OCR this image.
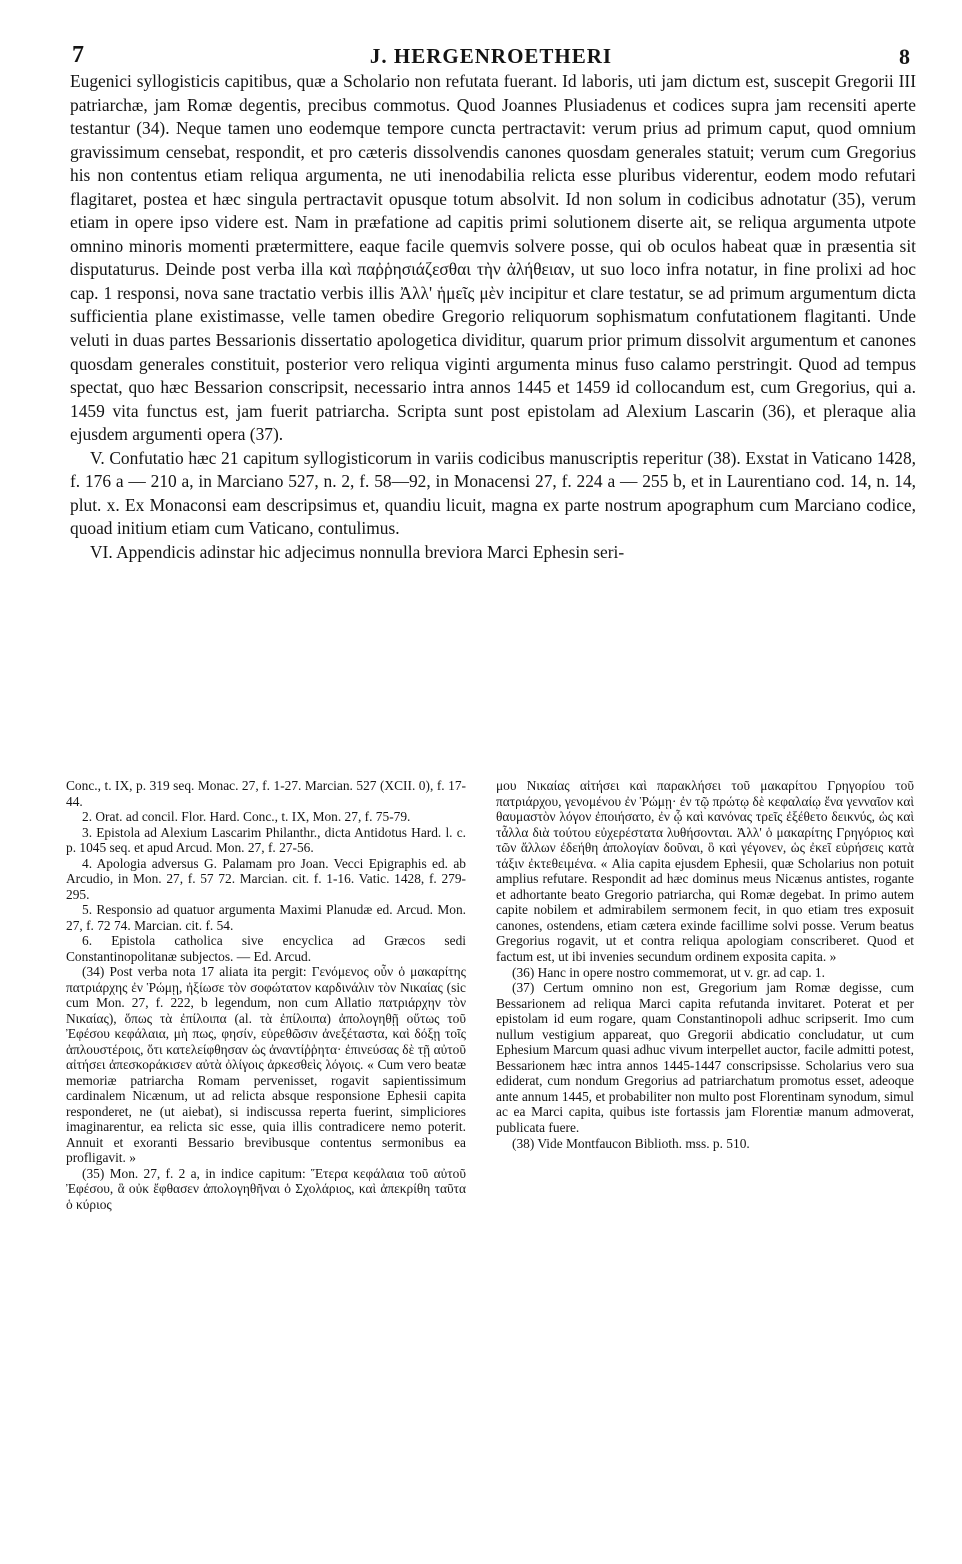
7	J. HERGENROETHERI	8

Eugenici syllogisticis capitibus, quæ a Scholario non refutata fuerant. Id laboris, uti jam dictum est, suscepit Gregorii III patriarchæ, jam Romæ degentis, precibus commotus. Quod Joannes Plusiadenus et codices supra jam recensiti aperte testantur (34). Neque tamen uno eodemque tempore cuncta pertractavit: verum prius ad primum caput, quod omnium gravissimum censebat, respondit, et pro cæteris dissolvendis canones quosdam generales statuit; verum cum Gregorius his non contentus etiam reliqua argumenta, ne uti inenodabilia relicta esse pluribus viderentur, eodem modo refutari flagitaret, postea et hæc singula pertractavit opusque totum absolvit. Id non solum in codicibus adnotatur (35), verum etiam in opere ipso videre est. Nam in præfatione ad capitis primi solutionem diserte ait, se reliqua argumenta utpote omnino minoris momenti prætermittere, eaque facile quemvis solvere posse, qui ob oculos habeat quæ in præsentia sit disputaturus. Deinde post verba illa καὶ παῤῥησιάζεσθαι τὴν ἀλήθειαν, ut suo loco infra notatur, in fine prolixi ad hoc cap. 1 responsi, nova sane tractatio verbis illis Ἀλλ' ἡμεῖς μὲν incipitur et clare testatur, se ad primum argumentum dicta sufficientia plane existimasse, velle tamen obedire Gregorio reliquorum sophismatum confutationem flagitanti. Unde veluti in duas partes Bessarionis dissertatio apologetica dividitur, quarum prior primum dissolvit argumentum et canones quosdam generales constituit, posterior vero reliqua viginti argumenta minus fuso calamo perstringit. Quod ad tempus spectat, quo hæc Bessarion conscripsit, necessario intra annos 1445 et 1459 id collocandum est, cum Gregorius, qui a. 1459 vita functus est, jam fuerit patriarcha. Scripta sunt post epistolam ad Alexium Lascarin (36), et pleraque alia ejusdem argumenti opera (37).

V. Confutatio hæc 21 capitum syllogisticorum in variis codicibus manuscriptis reperitur (38). Exstat in Vaticano 1428, f. 176 a — 210 a, in Marciano 527, n. 2, f. 58—92, in Monacensi 27, f. 224 a — 255 b, et in Laurentiano cod. 14, n. 14, plut. x. Ex Monaconsi eam descripsimus et, quandiu licuit, magna ex parte nostrum apographum cum Marciano codice, quoad initium etiam cum Vaticano, contulimus.

VI. Appendicis adinstar hic adjecimus nonnulla breviora Marci Ephesin seri-

Conc., t. IX, p. 319 seq. Monac. 27, f. 1-27. Marcian. 527 (XCII. 0), f. 17-44.

2. Orat. ad concil. Flor. Hard. Conc., t. IX, Mon. 27, f. 75-79.

3. Epistola ad Alexium Lascarim Philanthr., dicta Antidotus Hard. l. c. p. 1045 seq. et apud Arcud. Mon. 27, f. 27-56.

4. Apologia adversus G. Palamam pro Joan. Vecci Epigraphis ed. ab Arcudio, in Mon. 27, f. 57 72. Marcian. cit. f. 1-16. Vatic. 1428, f. 279-295.

5. Responsio ad quatuor argumenta Maximi Planudæ ed. Arcud. Mon. 27, f. 72 74. Marcian. cit. f. 54.

6. Epistola catholica sive encyclica ad Græcos sedi Constantinopolitanæ subjectos. — Ed. Arcud.

(34) Post verba nota 17 aliata ita pergit: Γενόμενος οὖν ὁ μακαρίτης πατριάρχης ἐν Ῥώμῃ, ἠξίωσε τὸν σοφώτατον καρδινάλιν τὸν Νικαίας (sic cum Mon. 27, f. 222, b legendum, non cum Allatio πατριάρχην τὸν Νικαίας), ὅπως τὰ ἐπίλοιπα (al. τὰ ἐπίλοιπα) ἀπολογηθῇ οὕτως τοῦ Ἐφέσου κεφάλαια, μὴ πως, φησίν, εὑρεθῶσιν ἀνεξέταστα, καὶ δόξῃ τοῖς ἁπλουστέροις, ὅτι κατελείφθησαν ὡς ἀναντίῤῥητα· ἐπινεύσας δὲ τῇ αὐτοῦ αἰτήσει ἀπεσκοράκισεν αὐτὰ ὀλίγοις ἀρκεσθεὶς λόγοις. « Cum vero beatæ memoriæ patriarcha Romam pervenisset, rogavit sapientissimum cardinalem Nicænum, ut ad relicta absque responsione Ephesii capita responderet, ne (ut aiebat), si indiscussa reperta fuerint, simpliciores imaginarentur, ea relicta sic esse, quia illis contradicere nemo poterit. Annuit et exoranti Bessario brevibusque contentus sermonibus ea profligavit. »

(35) Mon. 27, f. 2 a, in indice capitum: Ἕτερα κεφάλαια τοῦ αὐτοῦ Ἐφέσου, ἃ οὐκ ἔφθασεν ἀπολογηθῆναι ὁ Σχολάριος, καὶ ἀπεκρίθη ταῦτα ὁ κύριος

μου Νικαίας αἰτήσει καὶ παρακλήσει τοῦ μακαρίτου Γρηγορίου τοῦ πατριάρχου, γενομένου ἐν Ῥώμῃ· ἐν τῷ πρώτῳ δὲ κεφαλαίῳ ἕνα γενναῖον καὶ θαυμαστὸν λόγον ἐποιήσατο, ἐν ᾧ καὶ κανόνας τρεῖς ἐξέθετο δεικνύς, ὡς καὶ τἆλλα διὰ τούτου εὐχερέστατα λυθήσονται. Ἀλλ' ὁ μακαρίτης Γρηγόριος καὶ τῶν ἄλλων ἐδεήθη ἀπολογίαν δοῦναι, ὃ καὶ γέγονεν, ὡς ἐκεῖ εὑρήσεις κατὰ τάξιν ἐκτεθειμένα. « Alia capita ejusdem Ephesii, quæ Scholarius non potuit amplius refutare. Respondit ad hæc dominus meus Nicænus antistes, rogante et adhortante beato Gregorio patriarcha, qui Romæ degebat. In primo autem capite nobilem et admirabilem sermonem fecit, in quo etiam tres exposuit canones, ostendens, etiam cætera exinde facillime solvi posse. Verum beatus Gregorius rogavit, ut et contra reliqua apologiam conscriberet. Quod et factum est, ut ibi invenies secundum ordinem exposita capita. »

(36) Hanc in opere nostro commemorat, ut v. gr. ad cap. 1.

(37) Certum omnino non est, Gregorium jam Romæ degisse, cum Bessarionem ad reliqua Marci capita refutanda invitaret. Poterat et per epistolam id eum rogare, quam Constantinopoli adhuc scripserit. Imo cum nullum vestigium appareat, quo Gregorii abdicatio concludatur, ut cum Ephesium Marcum quasi adhuc vivum interpellet auctor, facile admitti potest, Bessarionem hæc intra annos 1445-1447 conscripsisse. Scholarius vero sua ediderat, cum nondum Gregorius ad patriarchatum promotus esset, adeoque ante annum 1445, et probabiliter non multo post Florentinam synodum, simul ac ea Marci capita, quibus iste fortassis jam Florentiæ manum admoverat, publicata fuere.

(38) Vide Montfaucon Biblioth. mss. p. 510.
